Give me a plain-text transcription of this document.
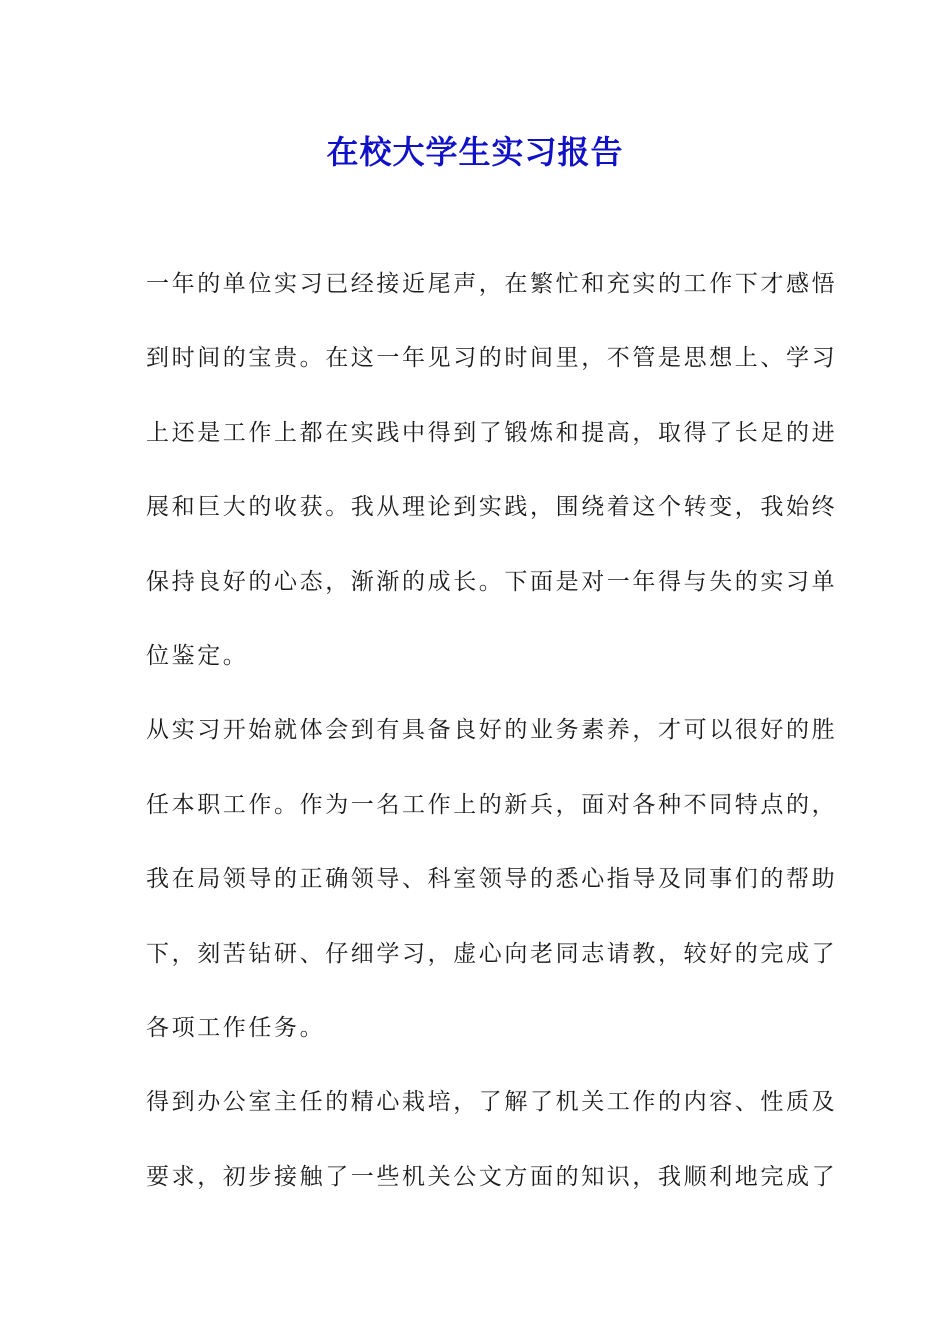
在校大学生实习报告
一年的单位实习已经接近尾声，在繁忙和充实的工作下才感悟
到时间的宝贵。在这一年见习的时间里，不管是思想上、学习
上还是工作上都在实践中得到了锻炼和提高，取得了长足的进
展和巨大的收获。我从理论到实践，围绕着这个转变，我始终
保持良好的心态，渐渐的成长。下面是对一年得与失的实习单
位鉴定。
从实习开始就体会到有具备良好的业务素养，才可以很好的胜
任本职工作。作为一名工作上的新兵，面对各种不同特点的，
我在局领导的正确领导、科室领导的悉心指导及同事们的帮助
下，刻苦钻研、仔细学习，虚心向老同志请教，较好的完成了
各项工作任务。
得到办公室主任的精心栽培，了解了机关工作的内容、性质及
要求，初步接触了一些机关公文方面的知识，我顺利地完成了
